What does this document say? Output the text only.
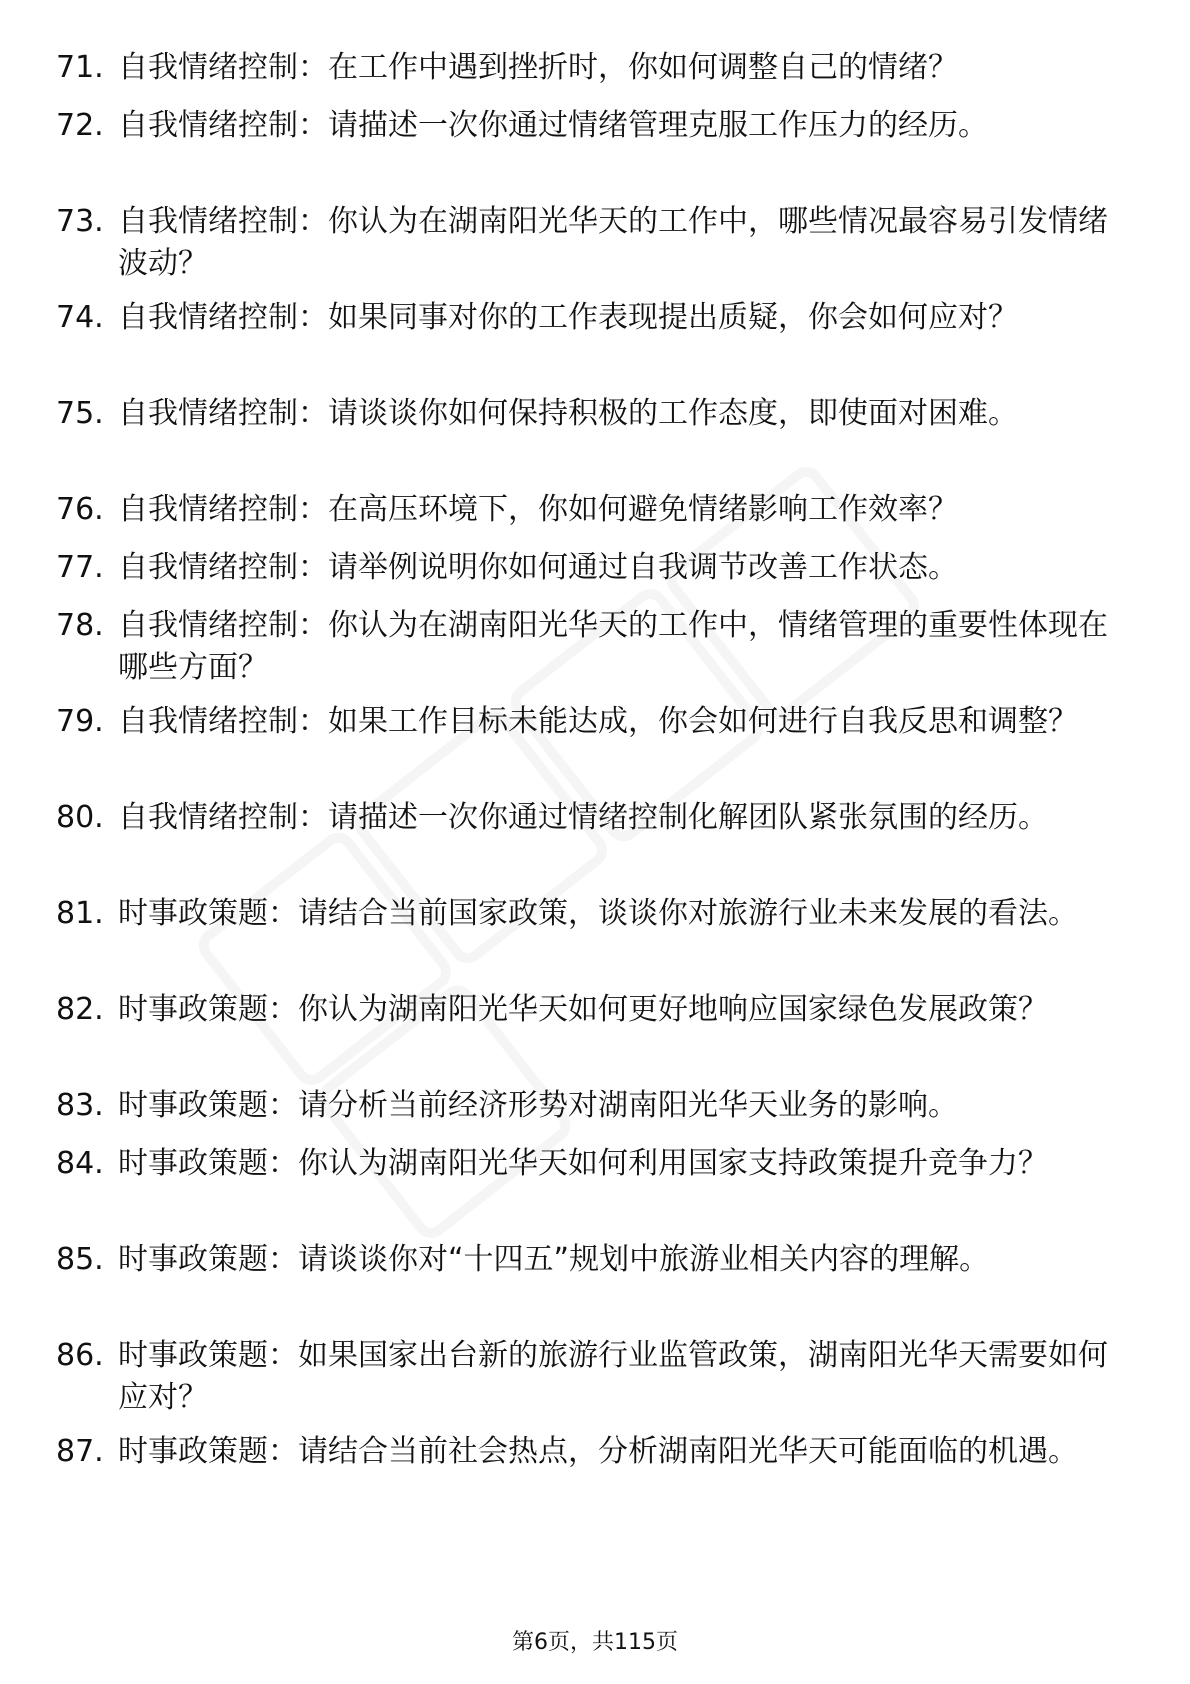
71. 自我情绪控制：在工作中遇到挫折时，你如何调整自己的情绪？
72. 自我情绪控制：请描述一次你通过情绪管理克服工作压力的经历。
73. 自我情绪控制：你认为在湖南阳光华天的工作中，哪些情况最容易引发情绪波动？
74. 自我情绪控制：如果同事对你的工作表现提出质疑，你会如何应对？
75. 自我情绪控制：请谈谈你如何保持积极的工作态度，即使面对困难。
76. 自我情绪控制：在高压环境下，你如何避免情绪影响工作效率？
77. 自我情绪控制：请举例说明你如何通过自我调节改善工作状态。
78. 自我情绪控制：你认为在湖南阳光华天的工作中，情绪管理的重要性体现在哪些方面？
79. 自我情绪控制：如果工作目标未能达成，你会如何进行自我反思和调整？
80. 自我情绪控制：请描述一次你通过情绪控制化解团队紧张氛围的经历。
81. 时事政策题：请结合当前国家政策，谈谈你对旅游行业未来发展的看法。
82. 时事政策题：你认为湖南阳光华天如何更好地响应国家绿色发展政策？
83. 时事政策题：请分析当前经济形势对湖南阳光华天业务的影响。
84. 时事政策题：你认为湖南阳光华天如何利用国家支持政策提升竞争力？
85. 时事政策题：请谈谈你对“十四五”规划中旅游业相关内容的理解。
86. 时事政策题：如果国家出台新的旅游行业监管政策，湖南阳光华天需要如何应对？
87. 时事政策题：请结合当前社会热点，分析湖南阳光华天可能面临的机遇。
第6页，共115页
